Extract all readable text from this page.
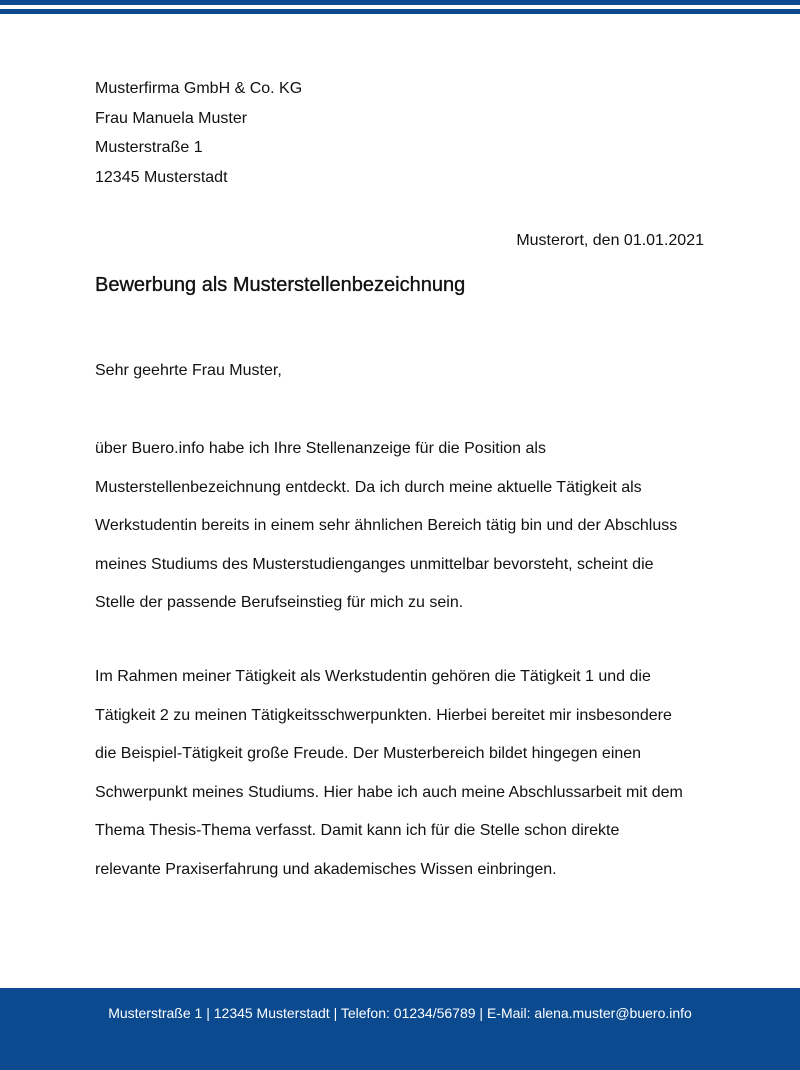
Musterfirma GmbH & Co. KG
Frau Manuela Muster
Musterstraße 1
12345 Musterstadt
Musterort, den 01.01.2021
Bewerbung als Musterstellenbezeichnung
Sehr geehrte Frau Muster,
über Buero.info habe ich Ihre Stellenanzeige für die Position als
Musterstellenbezeichnung entdeckt. Da ich durch meine aktuelle Tätigkeit als
Werkstudentin bereits in einem sehr ähnlichen Bereich tätig bin und der Abschluss
meines Studiums des Musterstudienganges unmittelbar bevorsteht, scheint die
Stelle der passende Berufseinstieg für mich zu sein.
Im Rahmen meiner Tätigkeit als Werkstudentin gehören die Tätigkeit 1 und die
Tätigkeit 2 zu meinen Tätigkeitsschwerpunkten. Hierbei bereitet mir insbesondere
die Beispiel-Tätigkeit große Freude. Der Musterbereich bildet hingegen einen
Schwerpunkt meines Studiums. Hier habe ich auch meine Abschlussarbeit mit dem
Thema Thesis-Thema verfasst. Damit kann ich für die Stelle schon direkte
relevante Praxiserfahrung und akademisches Wissen einbringen.
Musterstraße 1 | 12345 Musterstadt | Telefon: 01234/56789 | E-Mail: alena.muster@buero.info
